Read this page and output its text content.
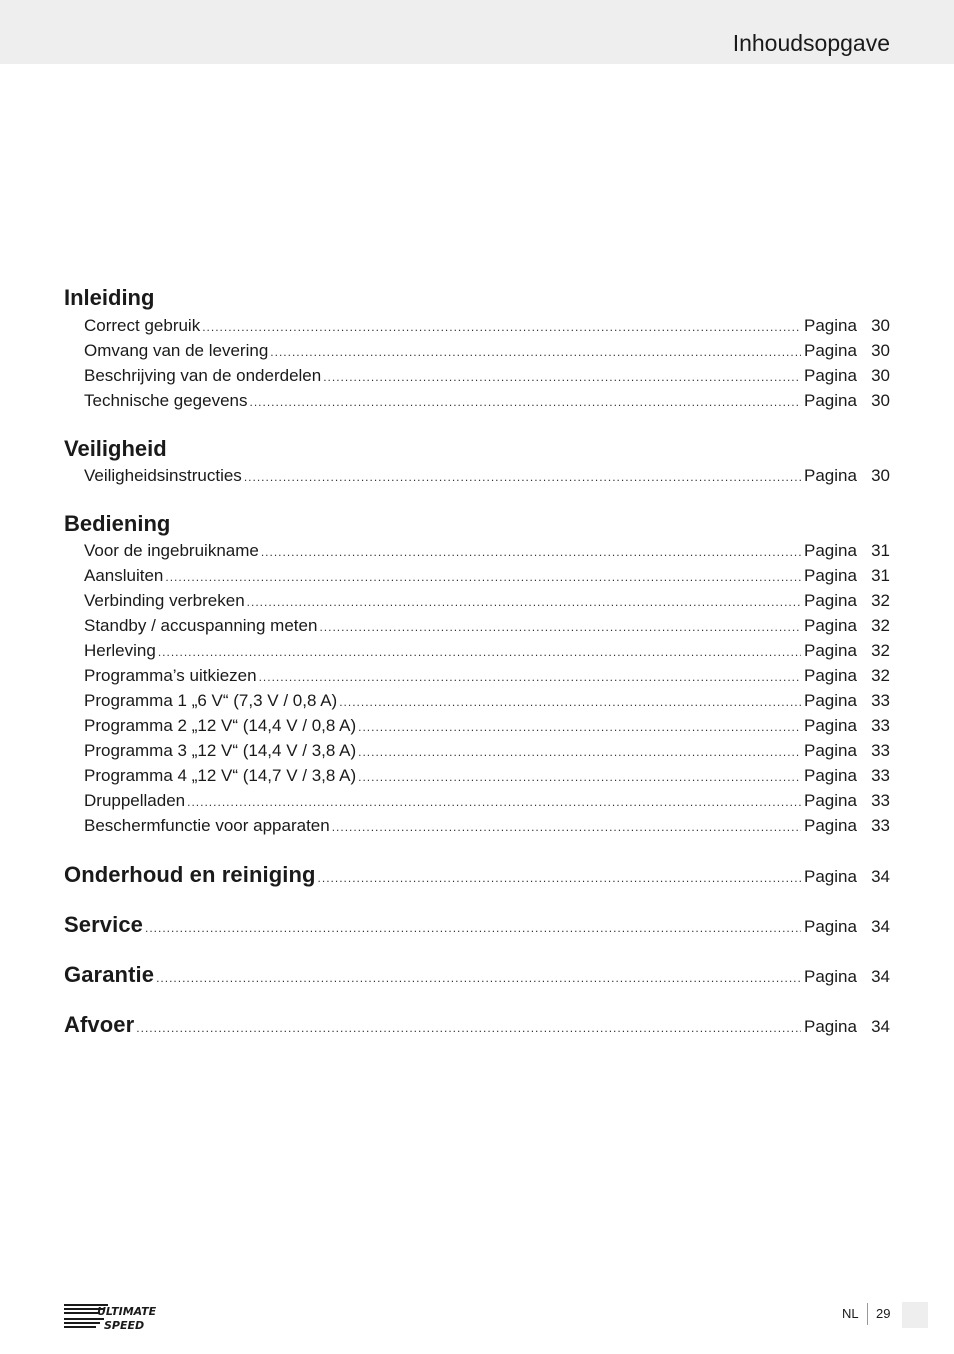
Inhoudsopgave
Inleiding
Correct gebruik .....	Pagina 30
Omvang van de levering .....	Pagina 30
Beschrijving van de onderdelen .....	Pagina 30
Technische gegevens .....	Pagina 30
Veiligheid
Veiligheidsinstructies .....	Pagina 30
Bediening
Voor de ingebruikname .....	Pagina 31
Aansluiten .....	Pagina 31
Verbinding verbreken .....	Pagina 32
Standby / accuspanning meten .....	Pagina 32
Herleving .....	Pagina 32
Programma’s uitkiezen .....	Pagina 32
Programma 1 „6 V“ (7,3 V / 0,8 A) .....	Pagina 33
Programma 2 „12 V“ (14,4 V / 0,8 A) .....	Pagina 33
Programma 3 „12 V“ (14,4 V / 3,8 A) .....	Pagina 33
Programma 4 „12 V“ (14,7 V / 3,8 A) .....	Pagina 33
Druppelladen .....	Pagina 33
Beschermfunctie voor apparaten .....	Pagina 33
Onderhoud en reiniging .....	Pagina 34
Service .....	Pagina 34
Garantie .....	Pagina 34
Afvoer .....	Pagina 34
ULTIMATE
SPEED
NL 29
